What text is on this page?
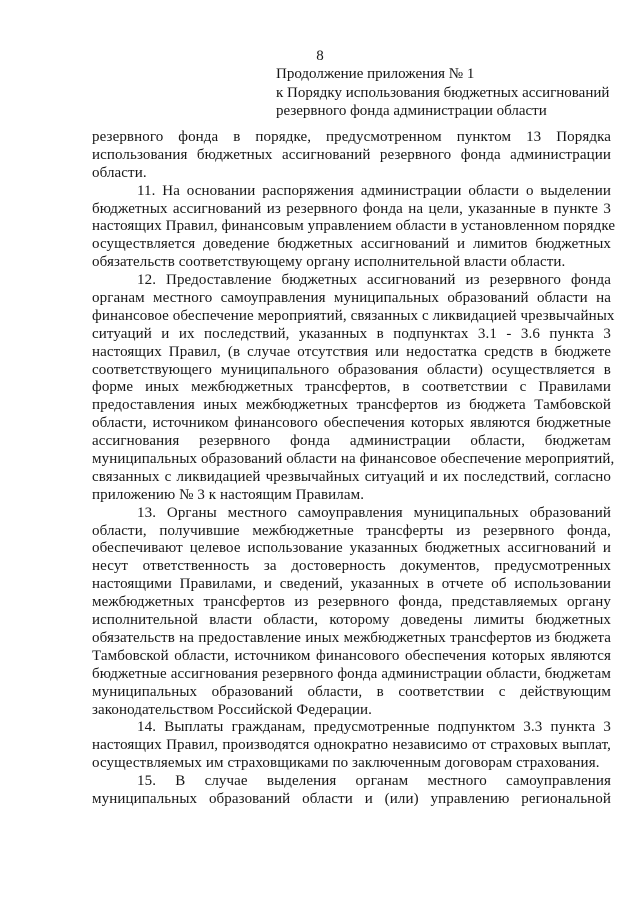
8
Продолжение приложения № 1
к Порядку использования бюджетных ассигнований
резервного фонда администрации области
резервного фонда в порядке, предусмотренном пунктом 13 Порядка
использования бюджетных ассигнований резервного фонда администрации
области.
11. На основании распоряжения администрации области о выделении
бюджетных ассигнований из резервного фонда на цели, указанные в пункте 3
настоящих Правил, финансовым управлением области в установленном порядке
осуществляется доведение бюджетных ассигнований и лимитов бюджетных
обязательств соответствующему органу исполнительной власти области.
12. Предоставление бюджетных ассигнований из резервного фонда
органам местного самоуправления муниципальных образований области на
финансовое обеспечение мероприятий, связанных с ликвидацией чрезвычайных
ситуаций и их последствий, указанных в подпунктах 3.1 - 3.6 пункта 3
настоящих Правил, (в случае отсутствия или недостатка средств в бюджете
соответствующего муниципального образования области) осуществляется в
форме иных межбюджетных трансфертов, в соответствии с Правилами
предоставления иных межбюджетных трансфертов из бюджета Тамбовской
области, источником финансового обеспечения которых являются бюджетные
ассигнования резервного фонда администрации области, бюджетам
муниципальных образований области на финансовое обеспечение мероприятий,
связанных с ликвидацией чрезвычайных ситуаций и их последствий, согласно
приложению № 3 к настоящим Правилам.
13. Органы местного самоуправления муниципальных образований
области, получившие межбюджетные трансферты из резервного фонда,
обеспечивают целевое использование указанных бюджетных ассигнований и
несут ответственность за достоверность документов, предусмотренных
настоящими Правилами, и сведений, указанных в отчете об использовании
межбюджетных трансфертов из резервного фонда, представляемых органу
исполнительной власти области, которому доведены лимиты бюджетных
обязательств на предоставление иных межбюджетных трансфертов из бюджета
Тамбовской области, источником финансового обеспечения которых являются
бюджетные ассигнования резервного фонда администрации области, бюджетам
муниципальных образований области, в соответствии с действующим
законодательством Российской Федерации.
14. Выплаты гражданам, предусмотренные подпунктом 3.3 пункта 3
настоящих Правил, производятся однократно независимо от страховых выплат,
осуществляемых им страховщиками по заключенным договорам страхования.
15. В случае выделения органам местного самоуправления
муниципальных образований области и (или) управлению региональной
